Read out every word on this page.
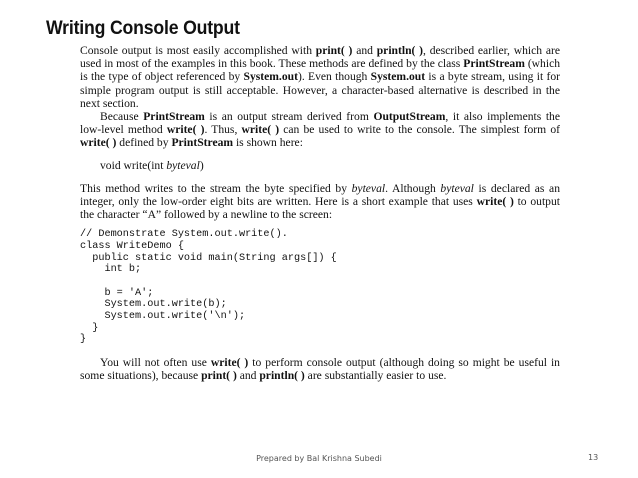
Writing Console Output

Console output is most easily accomplished with print( ) and println( ), described earlier, which are used in most of the examples in this book. These methods are defined by the class PrintStream (which is the type of object referenced by System.out). Even though System.out is a byte stream, using it for simple program output is still acceptable. However, a character-based alternative is described in the next section.

Because PrintStream is an output stream derived from OutputStream, it also implements the low-level method write( ). Thus, write( ) can be used to write to the console. The simplest form of write( ) defined by PrintStream is shown here:

void write(int byteval)

This method writes to the stream the byte specified by byteval. Although byteval is declared as an integer, only the low-order eight bits are written. Here is a short example that uses write( ) to output the character “A” followed by a newline to the screen:

// Demonstrate System.out.write().
class WriteDemo {
public static void main(String args[]) {
int b;
b = 'A';
System.out.write(b);
System.out.write('\n');
}
}

You will not often use write( ) to perform console output (although doing so might be useful in some situations), because print( ) and println( ) are substantially easier to use.

Prepared by Bal Krishna Subedi	13
